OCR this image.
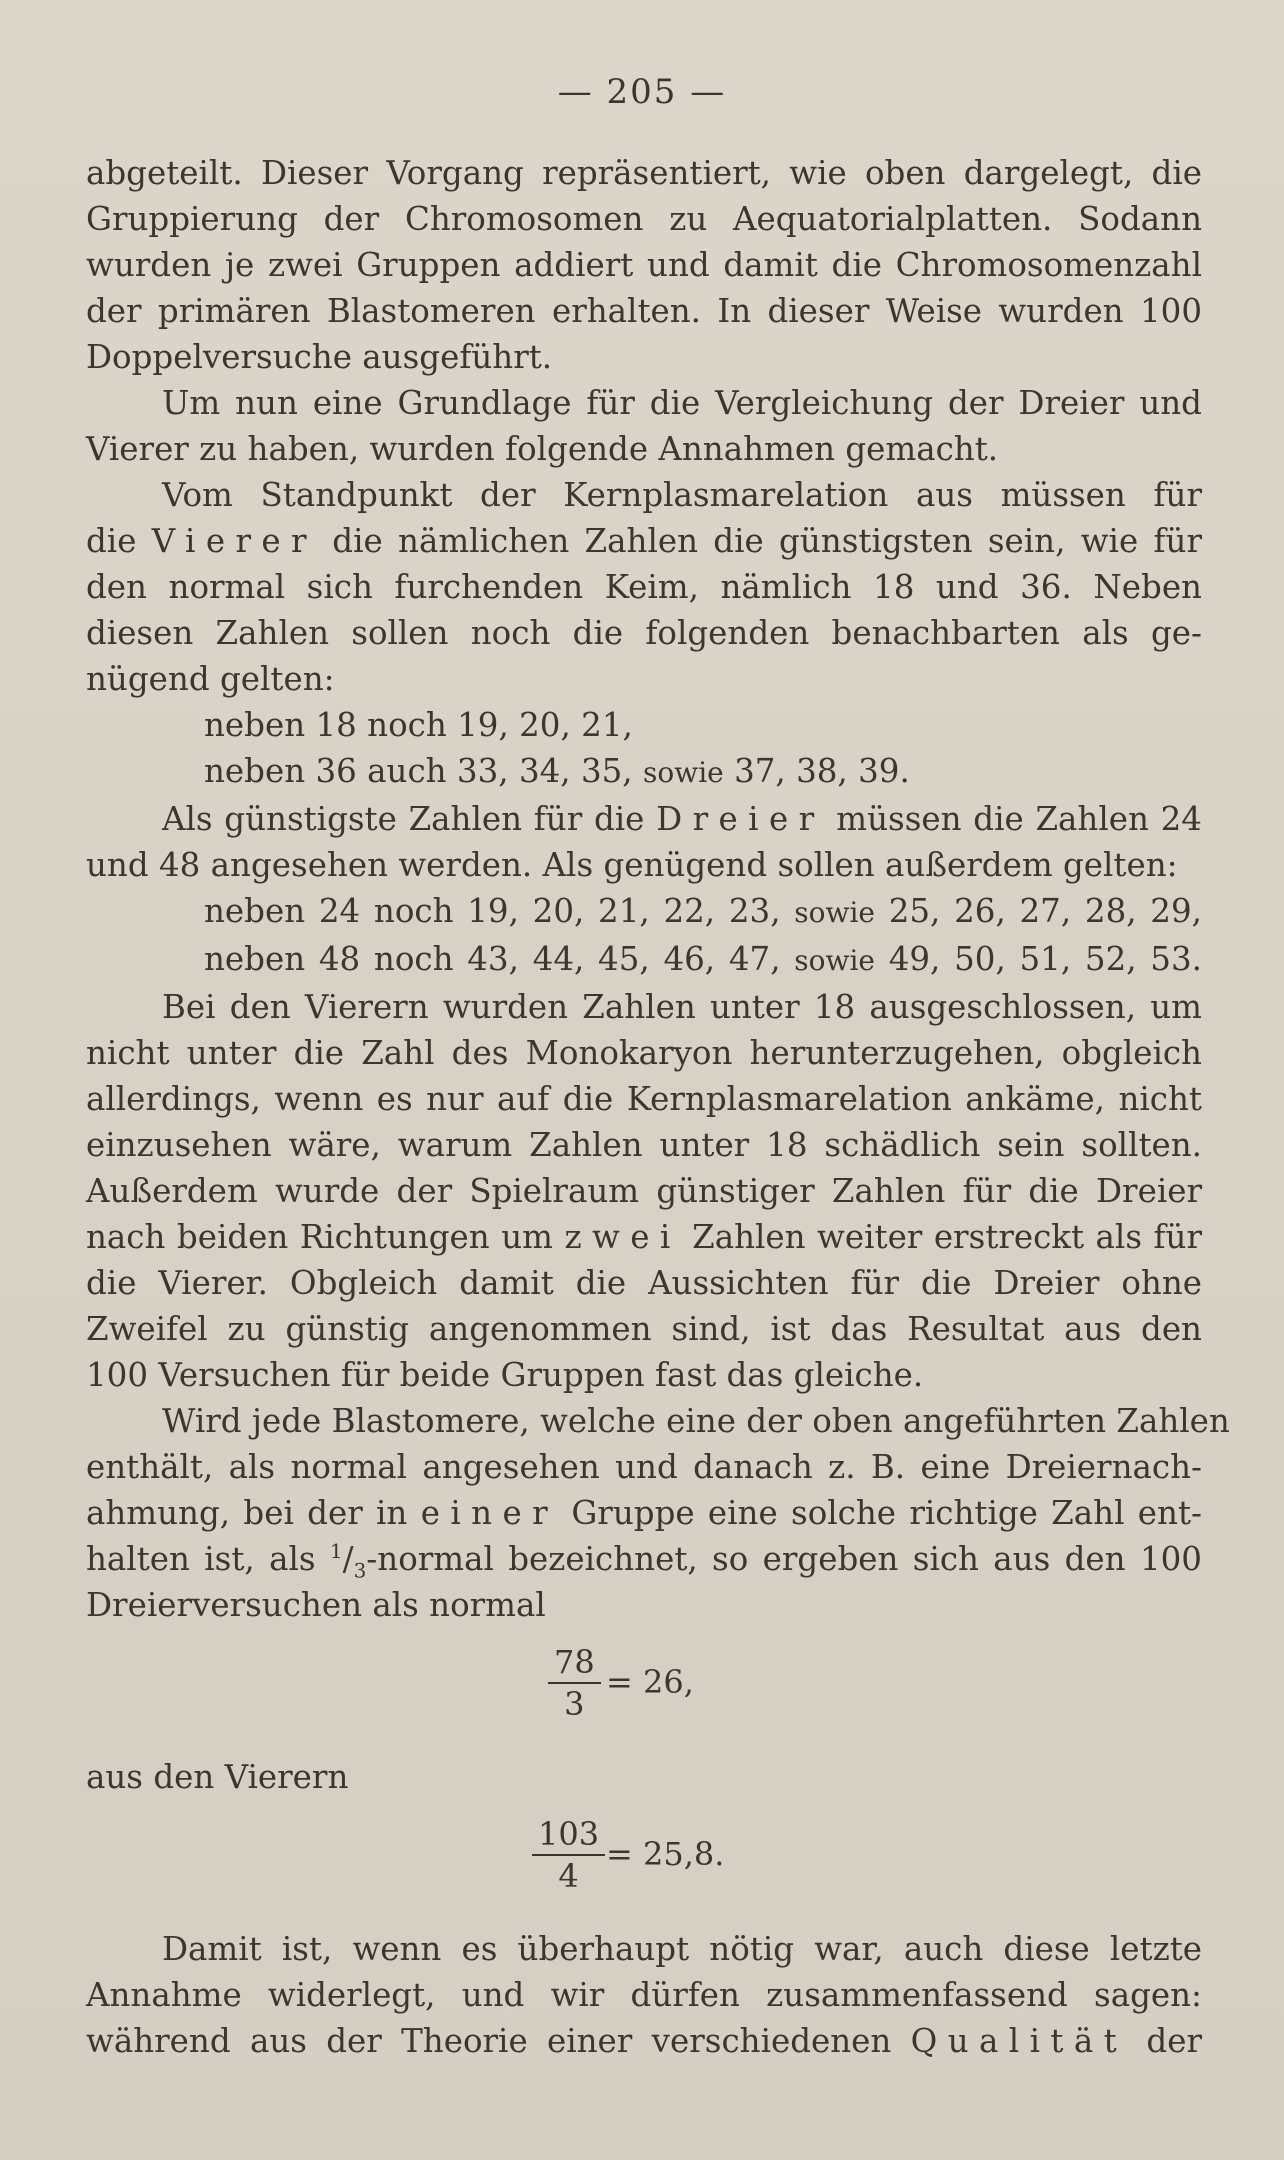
— 205 —

abgeteilt. Dieser Vorgang repräsentiert, wie oben dargelegt, die
Gruppierung der Chromosomen zu Aequatorialplatten. Sodann
wurden je zwei Gruppen addiert und damit die Chromosomenzahl
der primären Blastomeren erhalten. In dieser Weise wurden 100
Doppelversuche ausgeführt.

Um nun eine Grundlage für die Vergleichung der Dreier und
Vierer zu haben, wurden folgende Annahmen gemacht.

Vom Standpunkt der Kernplasmarelation aus müssen für
die Vierer die nämlichen Zahlen die günstigsten sein, wie für
den normal sich furchenden Keim, nämlich 18 und 36. Neben
diesen Zahlen sollen noch die folgenden benachbarten als ge-
nügend gelten:

neben 18 noch 19, 20, 21,
neben 36 auch 33, 34, 35, sowie 37, 38, 39.

Als günstigste Zahlen für die Dreier müssen die Zahlen 24
und 48 angesehen werden. Als genügend sollen außerdem gelten:

neben 24 noch 19, 20, 21, 22, 23, sowie 25, 26, 27, 28, 29,
neben 48 noch 43, 44, 45, 46, 47, sowie 49, 50, 51, 52, 53.

Bei den Vierern wurden Zahlen unter 18 ausgeschlossen, um
nicht unter die Zahl des Monokaryon herunterzugehen, obgleich
allerdings, wenn es nur auf die Kernplasmarelation ankäme, nicht
einzusehen wäre, warum Zahlen unter 18 schädlich sein sollten.
Außerdem wurde der Spielraum günstiger Zahlen für die Dreier
nach beiden Richtungen um zwei Zahlen weiter erstreckt als für
die Vierer. Obgleich damit die Aussichten für die Dreier ohne
Zweifel zu günstig angenommen sind, ist das Resultat aus den
100 Versuchen für beide Gruppen fast das gleiche.

Wird jede Blastomere, welche eine der oben angeführten Zahlen
enthält, als normal angesehen und danach z. B. eine Dreiernach-
ahmung, bei der in einer Gruppe eine solche richtige Zahl ent-
halten ist, als $^1/_3$-normal bezeichnet, so ergeben sich aus den 100
Dreierversuchen als normal

$\frac{78}{3} = 26$,

aus den Vierern

$\frac{103}{4} = 25,8$.

Damit ist, wenn es überhaupt nötig war, auch diese letzte
Annahme widerlegt, und wir dürfen zusammenfassend sagen:
während aus der Theorie einer verschiedenen Qualität der
